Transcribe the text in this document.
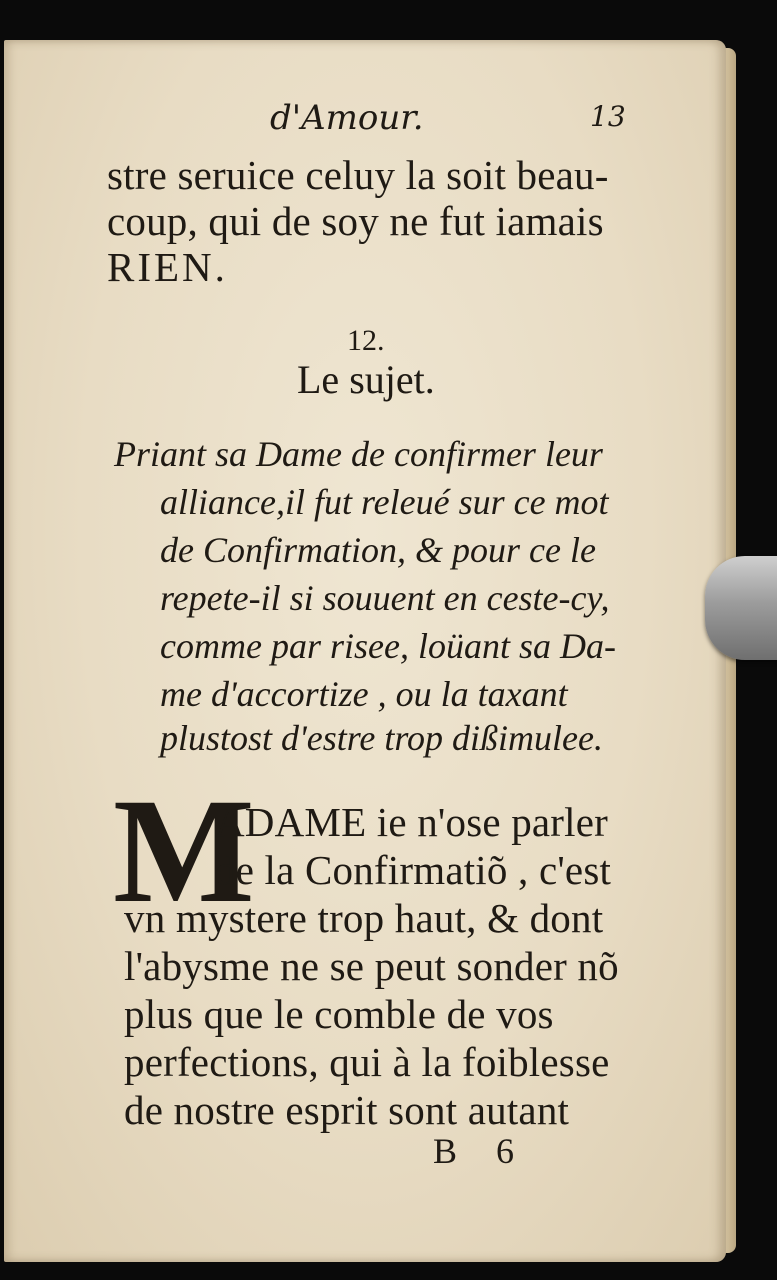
d'Amour.	13
stre seruice celuy la soit beau-
coup, qui de soy ne fut iamais
RIEN.
12.
Le sujet.
Priant sa Dame de confirmer leur
alliance,il fut releué sur ce mot
de Confirmation, & pour ce le
repete-il si souuent en ceste-cy,
comme par risee, loüant sa Da-
me d'accortize , ou la taxant
plustost d'estre trop dißimulee.
M
ADAME ie n'ose parler
de la Confirmatiõ , c'est
vn mystere trop haut, & dont
l'abysme ne se peut sonder nõ
plus que le comble de vos
perfections, qui à la foiblesse
de nostre esprit sont autant
B 6
